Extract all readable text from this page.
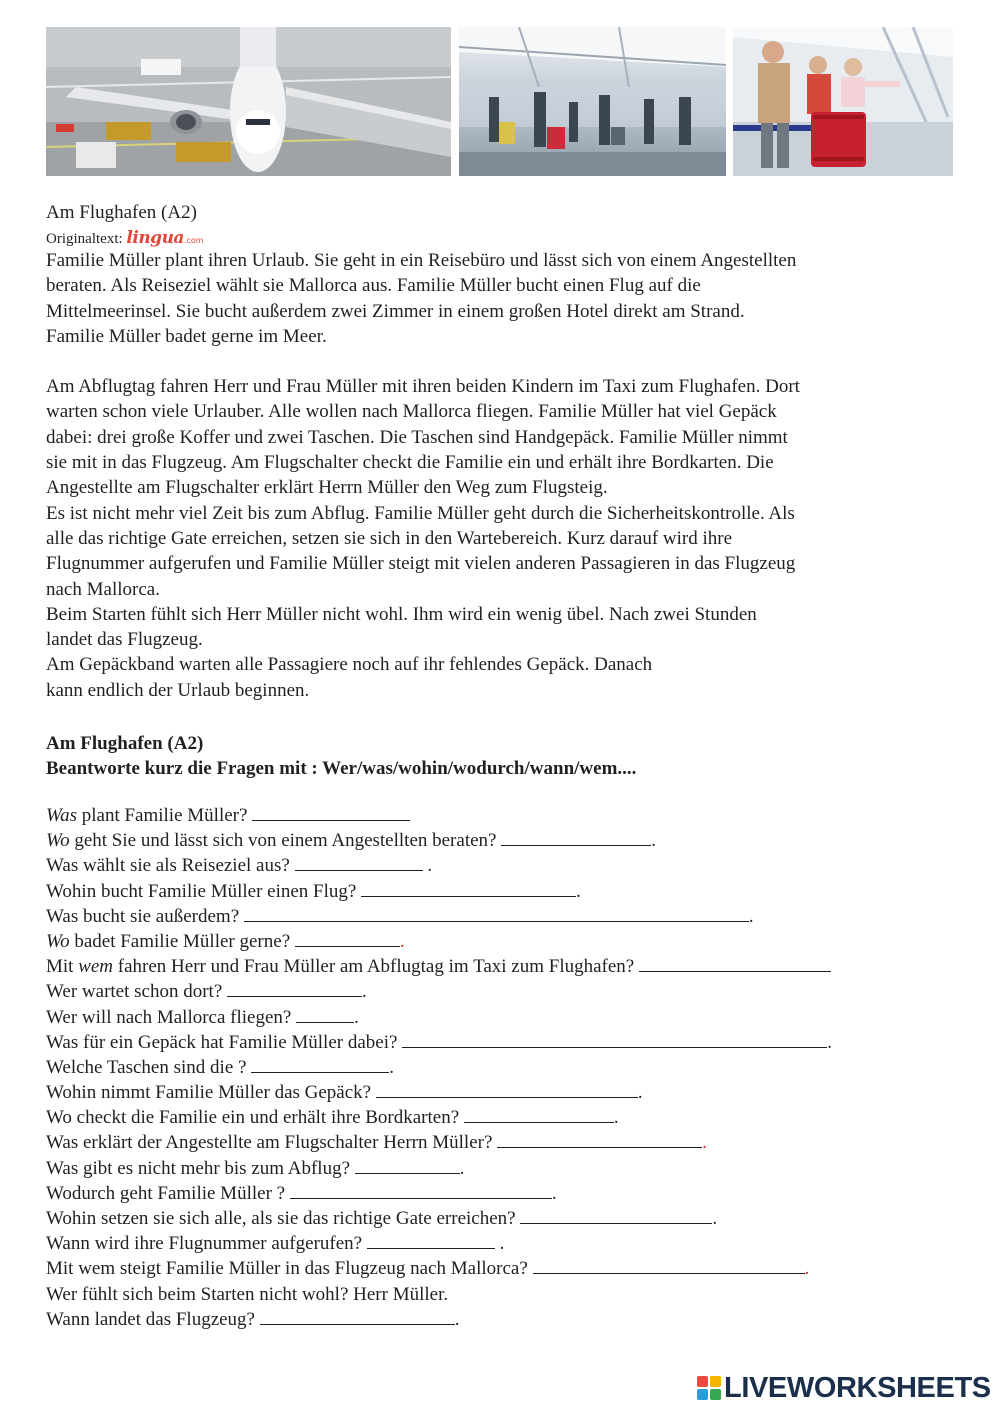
Am Flughafen (A2)
Originaltext: lingua.com

Familie Müller plant ihren Urlaub. Sie geht in ein Reisebüro und lässt sich von einem Angestellten
beraten. Als Reiseziel wählt sie Mallorca aus. Familie Müller bucht einen Flug auf die
Mittelmeerinsel. Sie bucht außerdem zwei Zimmer in einem großen Hotel direkt am Strand.
Familie Müller badet gerne im Meer.

Am Abflugtag fahren Herr und Frau Müller mit ihren beiden Kindern im Taxi zum Flughafen. Dort
warten schon viele Urlauber. Alle wollen nach Mallorca fliegen. Familie Müller hat viel Gepäck
dabei: drei große Koffer und zwei Taschen. Die Taschen sind Handgepäck. Familie Müller nimmt
sie mit in das Flugzeug. Am Flugschalter checkt die Familie ein und erhält ihre Bordkarten. Die
Angestellte am Flugschalter erklärt Herrn Müller den Weg zum Flugsteig.

Es ist nicht mehr viel Zeit bis zum Abflug. Familie Müller geht durch die Sicherheitskontrolle. Als
alle das richtige Gate erreichen, setzen sie sich in den Wartebereich. Kurz darauf wird ihre
Flugnummer aufgerufen und Familie Müller steigt mit vielen anderen Passagieren in das Flugzeug
nach Mallorca.

Beim Starten fühlt sich Herr Müller nicht wohl. Ihm wird ein wenig übel. Nach zwei Stunden
landet das Flugzeug.

Am Gepäckband warten alle Passagiere noch auf ihr fehlendes Gepäck. Danach
kann endlich der Urlaub beginnen.

Am Flughafen (A2)
Beantworte kurz die Fragen mit : Wer/was/wohin/wodurch/wann/wem....
Was plant Familie Müller?
Wo geht Sie und lässt sich von einem Angestellten beraten?	.
Was wählt sie als Reiseziel aus?	.
Wohin bucht Familie Müller einen Flug?	.
Was bucht sie außerdem?	.
Wo badet Familie Müller gerne?	.
Mit wem fahren Herr und Frau Müller am Abflugtag im Taxi zum Flughafen?
Wer wartet schon dort?	.
Wer will nach Mallorca fliegen?	.
Was für ein Gepäck hat Familie Müller dabei?	.
Welche Taschen sind die ?	.
Wohin nimmt Familie Müller das Gepäck?	.
Wo checkt die Familie ein und erhält ihre Bordkarten?	.
Was erklärt der Angestellte am Flugschalter Herrn Müller?	.
Was gibt es nicht mehr bis zum Abflug?	.
Wodurch geht Familie Müller ?	.
Wohin setzen sie sich alle, als sie das richtige Gate erreichen?	.
Wann wird ihre Flugnummer aufgerufen?	.
Mit wem steigt Familie Müller in das Flugzeug nach Mallorca?	.
Wer fühlt sich beim Starten nicht wohl? Herr Müller.
Wann landet das Flugzeug?	.
LIVEWORKSHEETS
